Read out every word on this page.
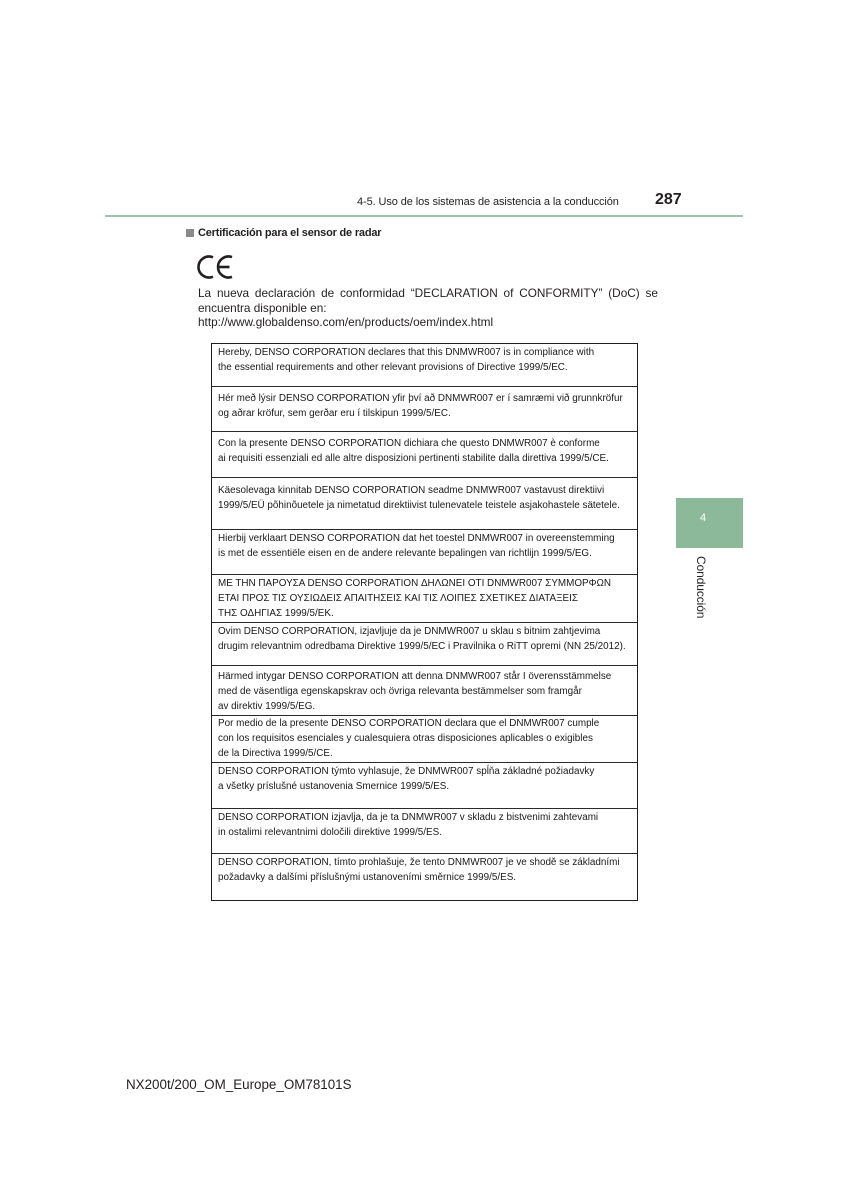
4-5. Uso de los sistemas de asistencia a la conducción 287
Certificación para el sensor de radar
La nueva declaración de conformidad “DECLARATION of CONFORMITY” (DoC) se encuentra disponible en:
http://www.globaldenso.com/en/products/oem/index.html
Hereby, DENSO CORPORATION declares that this DNMWR007 is in compliance with
the essential requirements and other relevant provisions of Directive 1999/5/EC.
Hér með lýsir DENSO CORPORATION yfir því að DNMWR007 er í samræmi við grunnkröfur
og aðrar kröfur, sem gerðar eru í tilskipun 1999/5/EC.
Con la presente DENSO CORPORATION dichiara che questo DNMWR007 è conforme
ai requisiti essenziali ed alle altre disposizioni pertinenti stabilite dalla direttiva 1999/5/CE.
Käesolevaga kinnitab DENSO CORPORATION seadme DNMWR007 vastavust direktiivi
1999/5/EÜ põhinõuetele ja nimetatud direktiivist tulenevatele teistele asjakohastele sätetele.
Hierbij verklaart DENSO CORPORATION dat het toestel DNMWR007 in overeenstemming
is met de essentiële eisen en de andere relevante bepalingen van richtlijn 1999/5/EG.
ΜΕ ΤΗΝ ΠΑΡΟΥΣΑ DENSO CORPORATION ΔΗΛΩΝΕΙ ΟΤΙ DNMWR007 ΣΥΜΜΟΡΦΩΝ
ΕΤΑΙ ΠΡΟΣ ΤΙΣ ΟΥΣΙΩΔΕΙΣ ΑΠΑΙΤΗΣΕΙΣ ΚΑΙ ΤΙΣ ΛΟΙΠΕΣ ΣΧΕΤΙΚΕΣ ΔΙΑΤΑΞΕΙΣ
ΤΗΣ ΟΔΗΓΙΑΣ 1999/5/ΕΚ.
Ovim DENSO CORPORATION, izjavljuje da je DNMWR007 u sklau s bitnim zahtjevima
drugim relevantnim odredbama Direktive 1999/5/EC i Pravilnika o RiTT opremi (NN 25/2012).
Härmed intygar DENSO CORPORATION att denna DNMWR007 står I överensstämmelse
med de väsentliga egenskapskrav och övriga relevanta bestämmelser som framgår
av direktiv 1999/5/EG.
Por medio de la presente DENSO CORPORATION declara que el DNMWR007 cumple
con los requisitos esenciales y cualesquiera otras disposiciones aplicables o exigibles
de la Directiva 1999/5/CE.
DENSO CORPORATION týmto vyhlasuje, že DNMWR007 spĺňa základné požiadavky
a všetky príslušné ustanovenia Smernice 1999/5/ES.
DENSO CORPORATION izjavlja, da je ta DNMWR007 v skladu z bistvenimi zahtevami
in ostalimi relevantnimi določili direktive 1999/5/ES.
DENSO CORPORATION, tímto prohlašuje, že tento DNMWR007 je ve shodě se základními
požadavky a dalšími příslušnými ustanoveními směrnice 1999/5/ES.
4
Conducción
NX200t/200_OM_Europe_OM78101S
